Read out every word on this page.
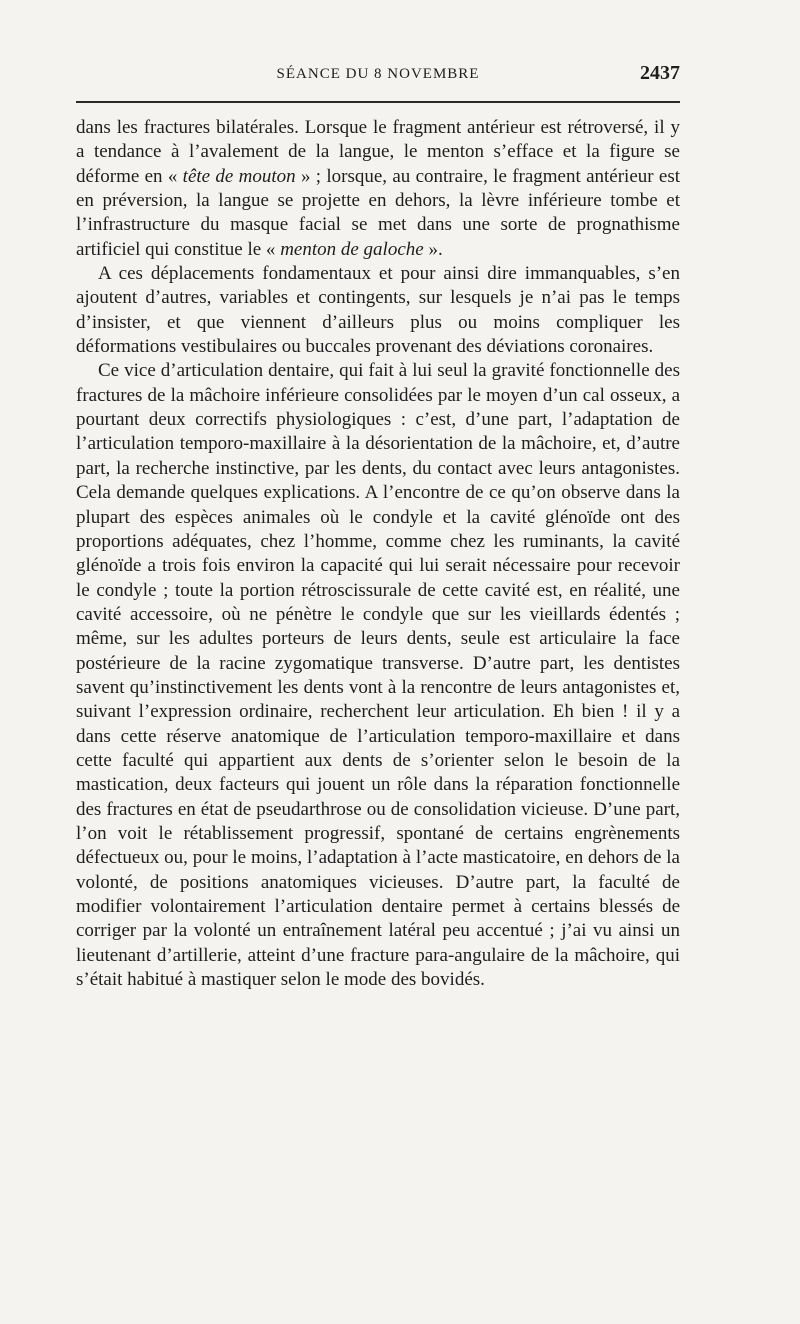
SÉANCE DU 8 NOVEMBRE	2437

dans les fractures bilatérales. Lorsque le fragment antérieur est rétroversé, il y a tendance à l’avalement de la langue, le menton s’efface et la figure se déforme en « tête de mouton » ; lorsque, au contraire, le fragment antérieur est en préversion, la langue se projette en dehors, la lèvre inférieure tombe et l’infrastructure du masque facial se met dans une sorte de prognathisme artificiel qui constitue le « menton de galoche ».

A ces déplacements fondamentaux et pour ainsi dire immanquables, s’en ajoutent d’autres, variables et contingents, sur lesquels je n’ai pas le temps d’insister, et que viennent d’ailleurs plus ou moins compliquer les déformations vestibulaires ou buccales provenant des déviations coronaires.

Ce vice d’articulation dentaire, qui fait à lui seul la gravité fonctionnelle des fractures de la mâchoire inférieure consolidées par le moyen d’un cal osseux, a pourtant deux correctifs physiologiques : c’est, d’une part, l’adaptation de l’articulation temporo-maxillaire à la désorientation de la mâchoire, et, d’autre part, la recherche instinctive, par les dents, du contact avec leurs antagonistes. Cela demande quelques explications. A l’encontre de ce qu’on observe dans la plupart des espèces animales où le condyle et la cavité glénoïde ont des proportions adéquates, chez l’homme, comme chez les ruminants, la cavité glénoïde a trois fois environ la capacité qui lui serait nécessaire pour recevoir le condyle ; toute la portion rétroscissurale de cette cavité est, en réalité, une cavité accessoire, où ne pénètre le condyle que sur les vieillards édentés ; même, sur les adultes porteurs de leurs dents, seule est articulaire la face postérieure de la racine zygomatique transverse. D’autre part, les dentistes savent qu’instinctivement les dents vont à la rencontre de leurs antagonistes et, suivant l’expression ordinaire, recherchent leur articulation. Eh bien ! il y a dans cette réserve anatomique de l’articulation temporo-maxillaire et dans cette faculté qui appartient aux dents de s’orienter selon le besoin de la mastication, deux facteurs qui jouent un rôle dans la réparation fonctionnelle des fractures en état de pseudarthrose ou de consolidation vicieuse. D’une part, l’on voit le rétablissement progressif, spontané de certains engrènements défectueux ou, pour le moins, l’adaptation à l’acte masticatoire, en dehors de la volonté, de positions anatomiques vicieuses. D’autre part, la faculté de modifier volontairement l’articulation dentaire permet à certains blessés de corriger par la volonté un entraînement latéral peu accentué ; j’ai vu ainsi un lieutenant d’artillerie, atteint d’une fracture para-angulaire de la mâchoire, qui s’était habitué à mastiquer selon le mode des bovidés.
